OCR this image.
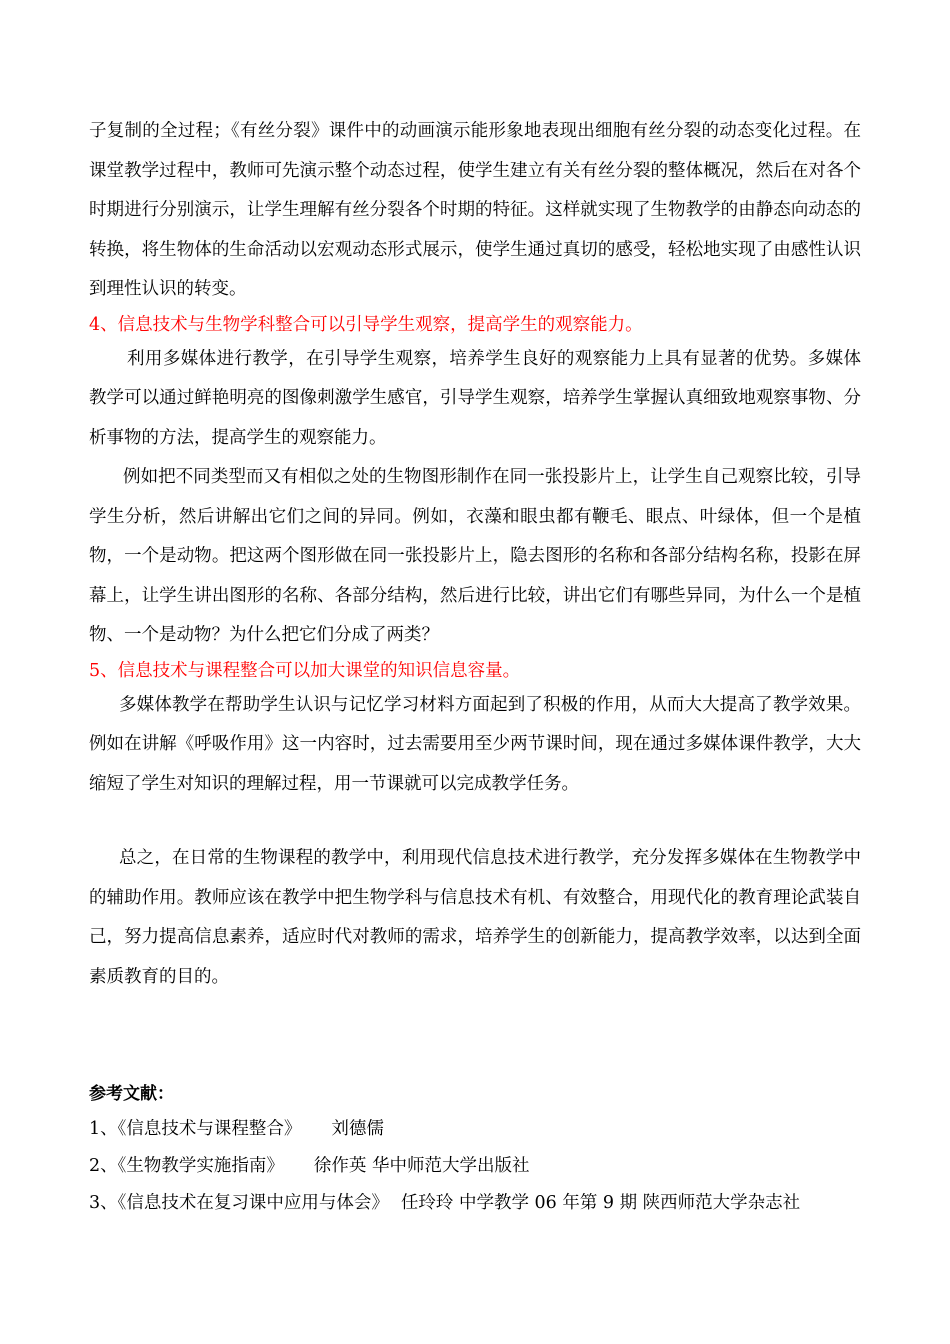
子复制的全过程；《有丝分裂》课件中的动画演示能形象地表现出细胞有丝分裂的动态变化过程。在课堂教学过程中，教师可先演示整个动态过程，使学生建立有关有丝分裂的整体概况，然后在对各个时期进行分别演示，让学生理解有丝分裂各个时期的特征。这样就实现了生物教学的由静态向动态的转换，将生物体的生命活动以宏观动态形式展示，使学生通过真切的感受，轻松地实现了由感性认识到理性认识的转变。

4、信息技术与生物学科整合可以引导学生观察，提高学生的观察能力。

利用多媒体进行教学，在引导学生观察，培养学生良好的观察能力上具有显著的优势。多媒体教学可以通过鲜艳明亮的图像刺激学生感官，引导学生观察，培养学生掌握认真细致地观察事物、分析事物的方法，提高学生的观察能力。

例如把不同类型而又有相似之处的生物图形制作在同一张投影片上，让学生自己观察比较，引导学生分析，然后讲解出它们之间的异同。例如，衣藻和眼虫都有鞭毛、眼点、叶绿体，但一个是植物，一个是动物。把这两个图形做在同一张投影片上，隐去图形的名称和各部分结构名称，投影在屏幕上，让学生讲出图形的名称、各部分结构，然后进行比较，讲出它们有哪些异同，为什么一个是植物、一个是动物？为什么把它们分成了两类？

5、信息技术与课程整合可以加大课堂的知识信息容量。

多媒体教学在帮助学生认识与记忆学习材料方面起到了积极的作用，从而大大提高了教学效果。例如在讲解《呼吸作用》这一内容时，过去需要用至少两节课时间，现在通过多媒体课件教学，大大缩短了学生对知识的理解过程，用一节课就可以完成教学任务。

总之，在日常的生物课程的教学中，利用现代信息技术进行教学，充分发挥多媒体在生物教学中的辅助作用。教师应该在教学中把生物学科与信息技术有机、有效整合，用现代化的教育理论武装自己，努力提高信息素养，适应时代对教师的需求，培养学生的创新能力，提高教学效率，以达到全面素质教育的目的。

参考文献：

1、《信息技术与课程整合》 刘德儒

2、《生物教学实施指南》 徐作英 华中师范大学出版社

3、《信息技术在复习课中应用与体会》 任玲玲 中学教学 06 年第 9 期 陕西师范大学杂志社
